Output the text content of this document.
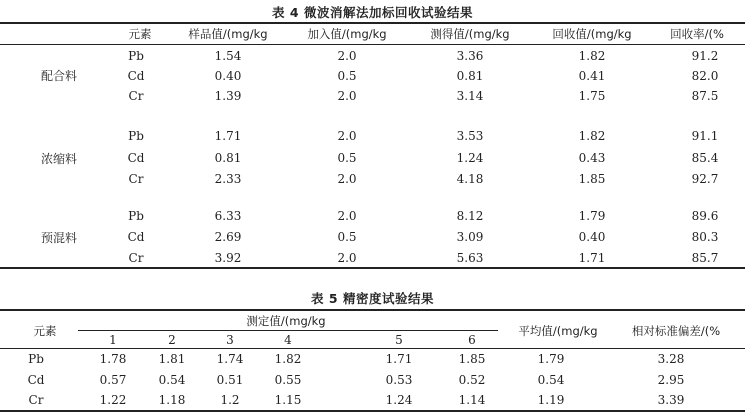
表 4 微波消解法加标回收试验结果
元素	样品值/(mg/kg	加入值/(mg/kg	测得值/(mg/kg	回收值/(mg/kg	回收率/(%
配合料
Pb	1.54	2.0	3.36	1.82	91.2
Cd	0.40	0.5	0.81	0.41	82.0
Cr	1.39	2.0	3.14	1.75	87.5
浓缩料
Pb	1.71	2.0	3.53	1.82	91.1
Cd	0.81	0.5	1.24	0.43	85.4
Cr	2.33	2.0	4.18	1.85	92.7
预混料
Pb	6.33	2.0	8.12	1.79	89.6
Cd	2.69	0.5	3.09	0.40	80.3
Cr	3.92	2.0	5.63	1.71	85.7
表 5 精密度试验结果
元素
测定值/(mg/kg
平均值/(mg/kg	相对标准偏差/(%
1	2	3	4	5	6
Pb	1.78	1.81	1.74	1.82	1.71	1.85	1.79	3.28
Cd	0.57	0.54	0.51	0.55	0.53	0.52	0.54	2.95
Cr	1.22	1.18	1.2	1.15	1.24	1.14	1.19	3.39
